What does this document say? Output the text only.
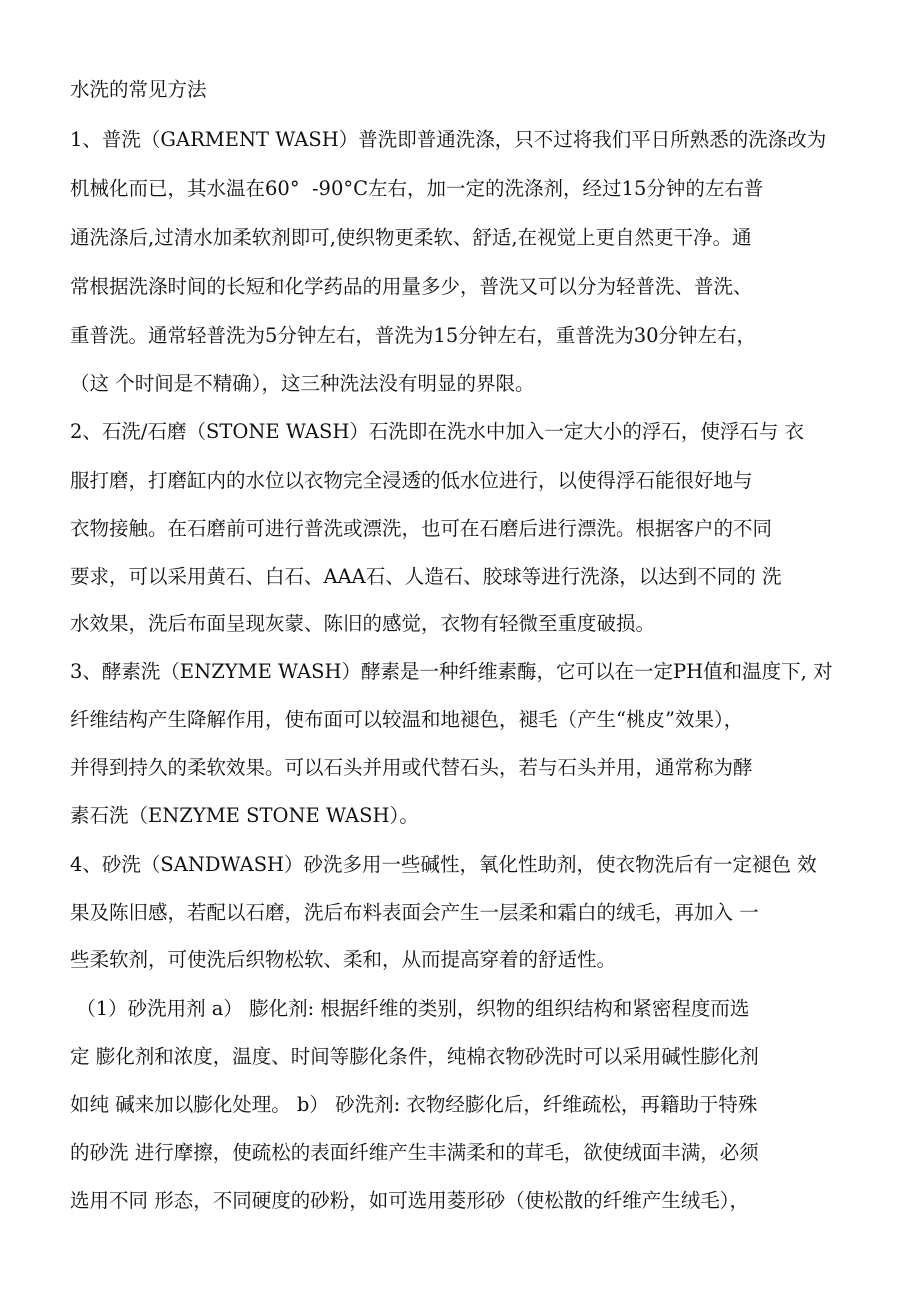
水洗的常见方法
1、普洗（GARMENT WASH）普洗即普通洗涤，只不过将我们平日所熟悉的洗涤改为
机械化而已，其水温在60°  -90°C左右，加一定的洗涤剂，经过15分钟的左右普
通洗涤后,过清水加柔软剂即可,使织物更柔软、舒适,在视觉上更自然更干净。通
常根据洗涤时间的长短和化学药品的用量多少，普洗又可以分为轻普洗、普洗、
重普洗。通常轻普洗为5分钟左右，普洗为15分钟左右，重普洗为30分钟左右，
（这 个时间是不精确），这三种洗法没有明显的界限。
2、石洗/石磨（STONE WASH）石洗即在洗水中加入一定大小的浮石，使浮石与 衣
服打磨，打磨缸内的水位以衣物完全浸透的低水位进行，以使得浮石能很好地与
衣物接触。在石磨前可进行普洗或漂洗，也可在石磨后进行漂洗。根据客户的不同
要求，可以采用黄石、白石、AAA石、人造石、胶球等进行洗涤，以达到不同的 洗
水效果，洗后布面呈现灰蒙、陈旧的感觉，衣物有轻微至重度破损。
3、酵素洗（ENZYME WASH）酵素是一种纤维素酶，它可以在一定PH值和温度下, 对
纤维结构产生降解作用，使布面可以较温和地褪色，褪毛（产生“桃皮”效果），
并得到持久的柔软效果。可以石头并用或代替石头，若与石头并用，通常称为酵
素石洗（ENZYME STONE WASH）。
4、砂洗（SANDWASH）砂洗多用一些碱性，氧化性助剂，使衣物洗后有一定褪色 效
果及陈旧感，若配以石磨，洗后布料表面会产生一层柔和霜白的绒毛，再加入 一
些柔软剂，可使洗后织物松软、柔和，从而提高穿着的舒适性。
（1）砂洗用剂 a） 膨化剂: 根据纤维的类别，织物的组织结构和紧密程度而选
定 膨化剂和浓度，温度、时间等膨化条件，纯棉衣物砂洗时可以采用碱性膨化剂
如纯 碱来加以膨化处理。 b） 砂洗剂: 衣物经膨化后，纤维疏松，再籍助于特殊
的砂洗 进行摩擦，使疏松的表面纤维产生丰满柔和的茸毛，欲使绒面丰满，必须
选用不同 形态，不同硬度的砂粉，如可选用菱形砂（使松散的纤维产生绒毛），
